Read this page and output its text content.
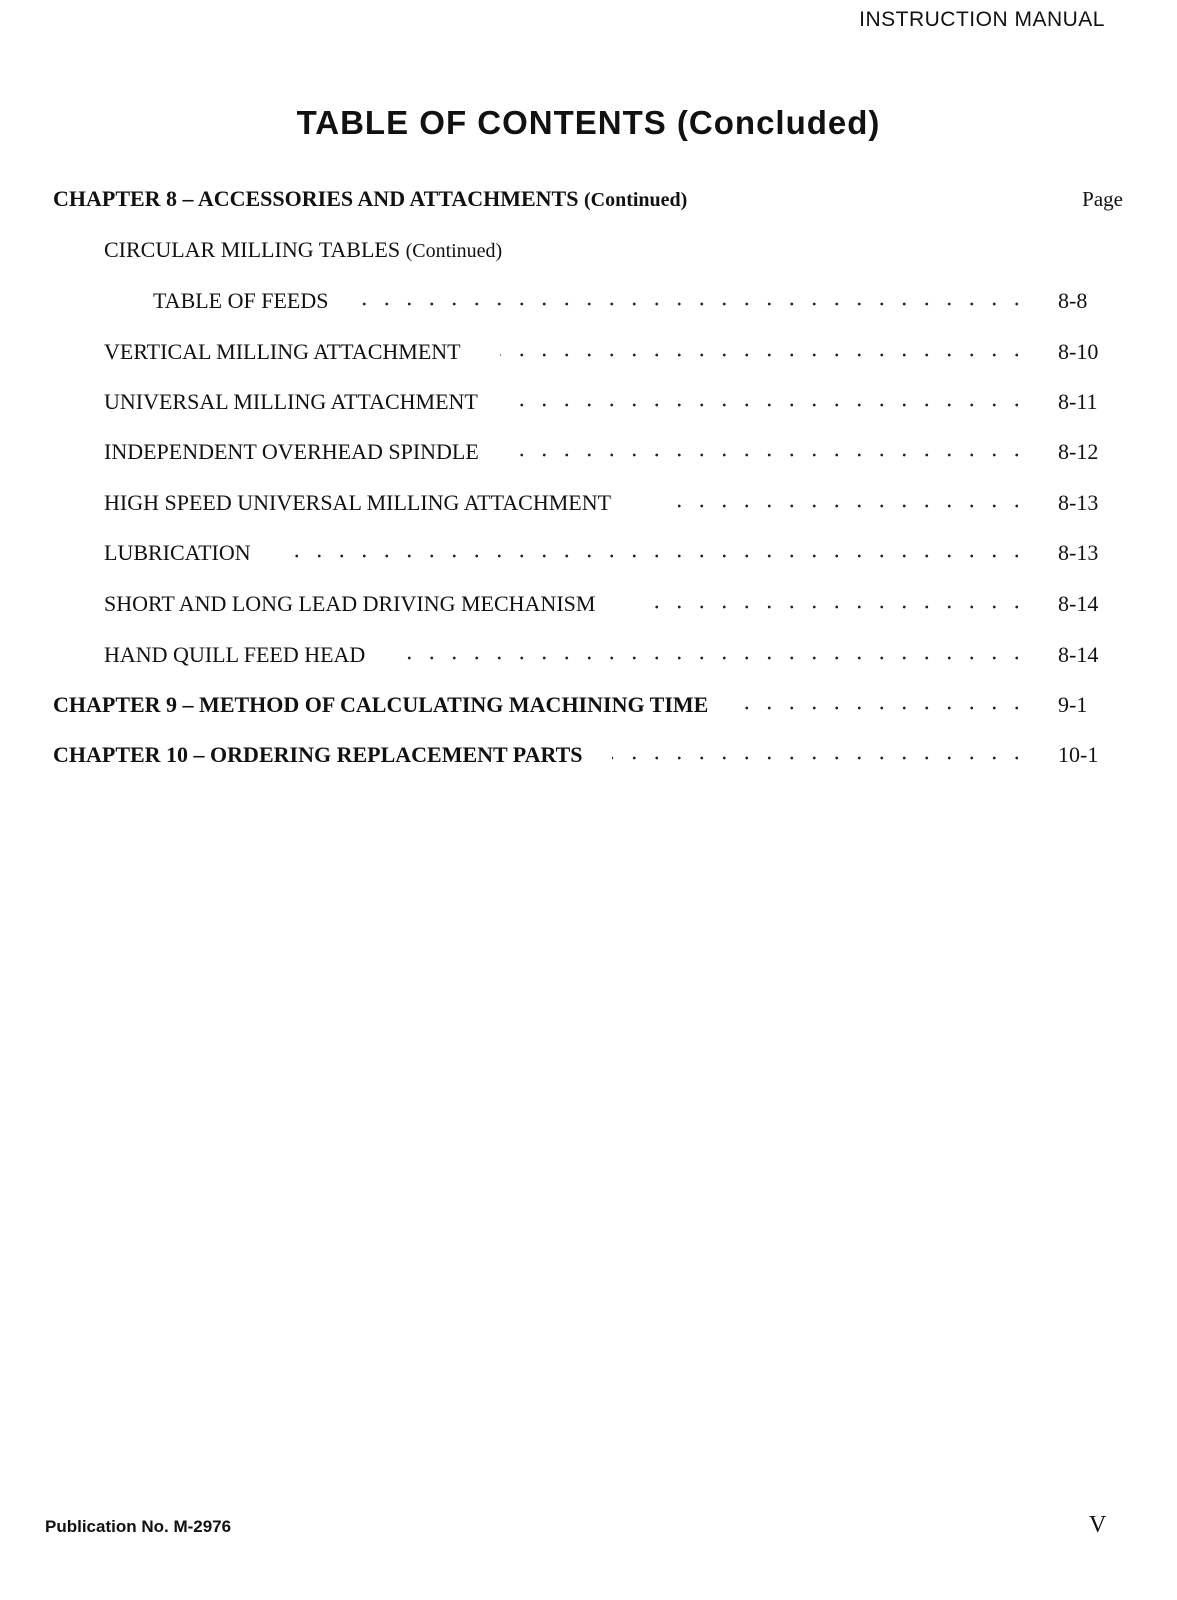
INSTRUCTION MANUAL
TABLE OF CONTENTS (Concluded)
CHAPTER 8 – ACCESSORIES AND ATTACHMENTS (Continued)	Page
CIRCULAR MILLING TABLES (Continued)
TABLE OF FEEDS	8-8
VERTICAL MILLING ATTACHMENT	8-10
UNIVERSAL MILLING ATTACHMENT	8-11
INDEPENDENT OVERHEAD SPINDLE	8-12
HIGH SPEED UNIVERSAL MILLING ATTACHMENT	8-13
LUBRICATION	8-13
SHORT AND LONG LEAD DRIVING MECHANISM	8-14
HAND QUILL FEED HEAD	8-14
CHAPTER 9 – METHOD OF CALCULATING MACHINING TIME	9-1
CHAPTER 10 – ORDERING REPLACEMENT PARTS	10-1
Publication No. M-2976	V
